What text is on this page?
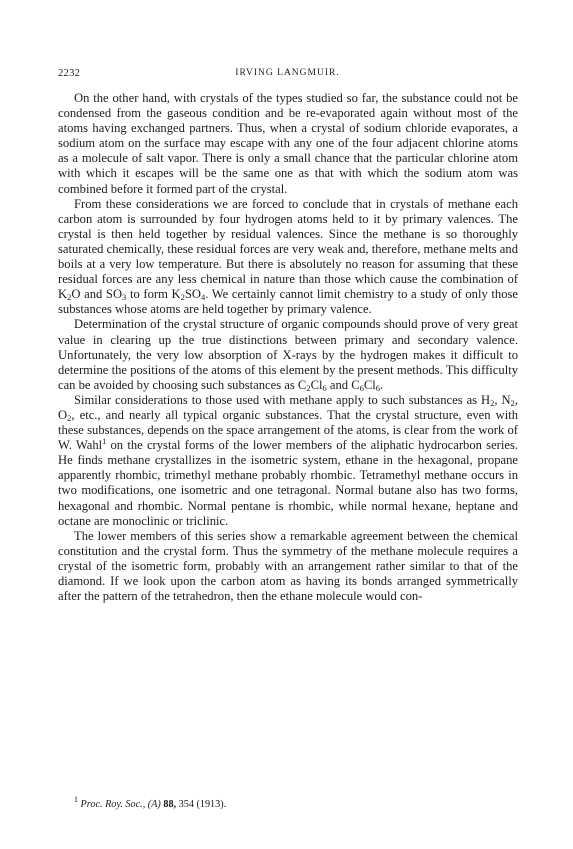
2232	IRVING LANGMUIR.

On the other hand, with crystals of the types studied so far, the substance could not be condensed from the gaseous condition and be re-evaporated again without most of the atoms having exchanged partners. Thus, when a crystal of sodium chloride evaporates, a sodium atom on the surface may escape with any one of the four adjacent chlorine atoms as a molecule of salt vapor. There is only a small chance that the particular chlorine atom with which it escapes will be the same one as that with which the sodium atom was combined before it formed part of the crystal.

From these considerations we are forced to conclude that in crystals of methane each carbon atom is surrounded by four hydrogen atoms held to it by primary valences. The crystal is then held together by residual valences. Since the methane is so thoroughly saturated chemically, these residual forces are very weak and, therefore, methane melts and boils at a very low temperature. But there is absolutely no reason for assuming that these residual forces are any less chemical in nature than those which cause the combination of $K_2O$ and $SO_3$ to form $K_2SO_4$. We certainly cannot limit chemistry to a study of only those substances whose atoms are held together by primary valence.

Determination of the crystal structure of organic compounds should prove of very great value in clearing up the true distinctions between primary and secondary valence. Unfortunately, the very low absorption of X-rays by the hydrogen makes it difficult to determine the positions of the atoms of this element by the present methods. This difficulty can be avoided by choosing such substances as $C_2Cl_6$ and $C_6Cl_6$.

Similar considerations to those used with methane apply to such substances as $H_2$, $N_2$, $O_2$, etc., and nearly all typical organic substances. That the crystal structure, even with these substances, depends on the space arrangement of the atoms, is clear from the work of W. Wahl$^1$ on the crystal forms of the lower members of the aliphatic hydrocarbon series. He finds methane crystallizes in the isometric system, ethane in the hexagonal, propane apparently rhombic, trimethyl methane probably rhombic. Tetramethyl methane occurs in two modifications, one isometric and one tetragonal. Normal butane also has two forms, hexagonal and rhombic. Normal pentane is rhombic, while normal hexane, heptane and octane are monoclinic or triclinic.

The lower members of this series show a remarkable agreement between the chemical constitution and the crystal form. Thus the symmetry of the methane molecule requires a crystal of the isometric form, probably with an arrangement rather similar to that of the diamond. If we look upon the carbon atom as having its bonds arranged symmetrically after the pattern of the tetrahedron, then the ethane molecule would con-

$^1$ Proc. Roy. Soc., (A) 88, 354 (1913).
